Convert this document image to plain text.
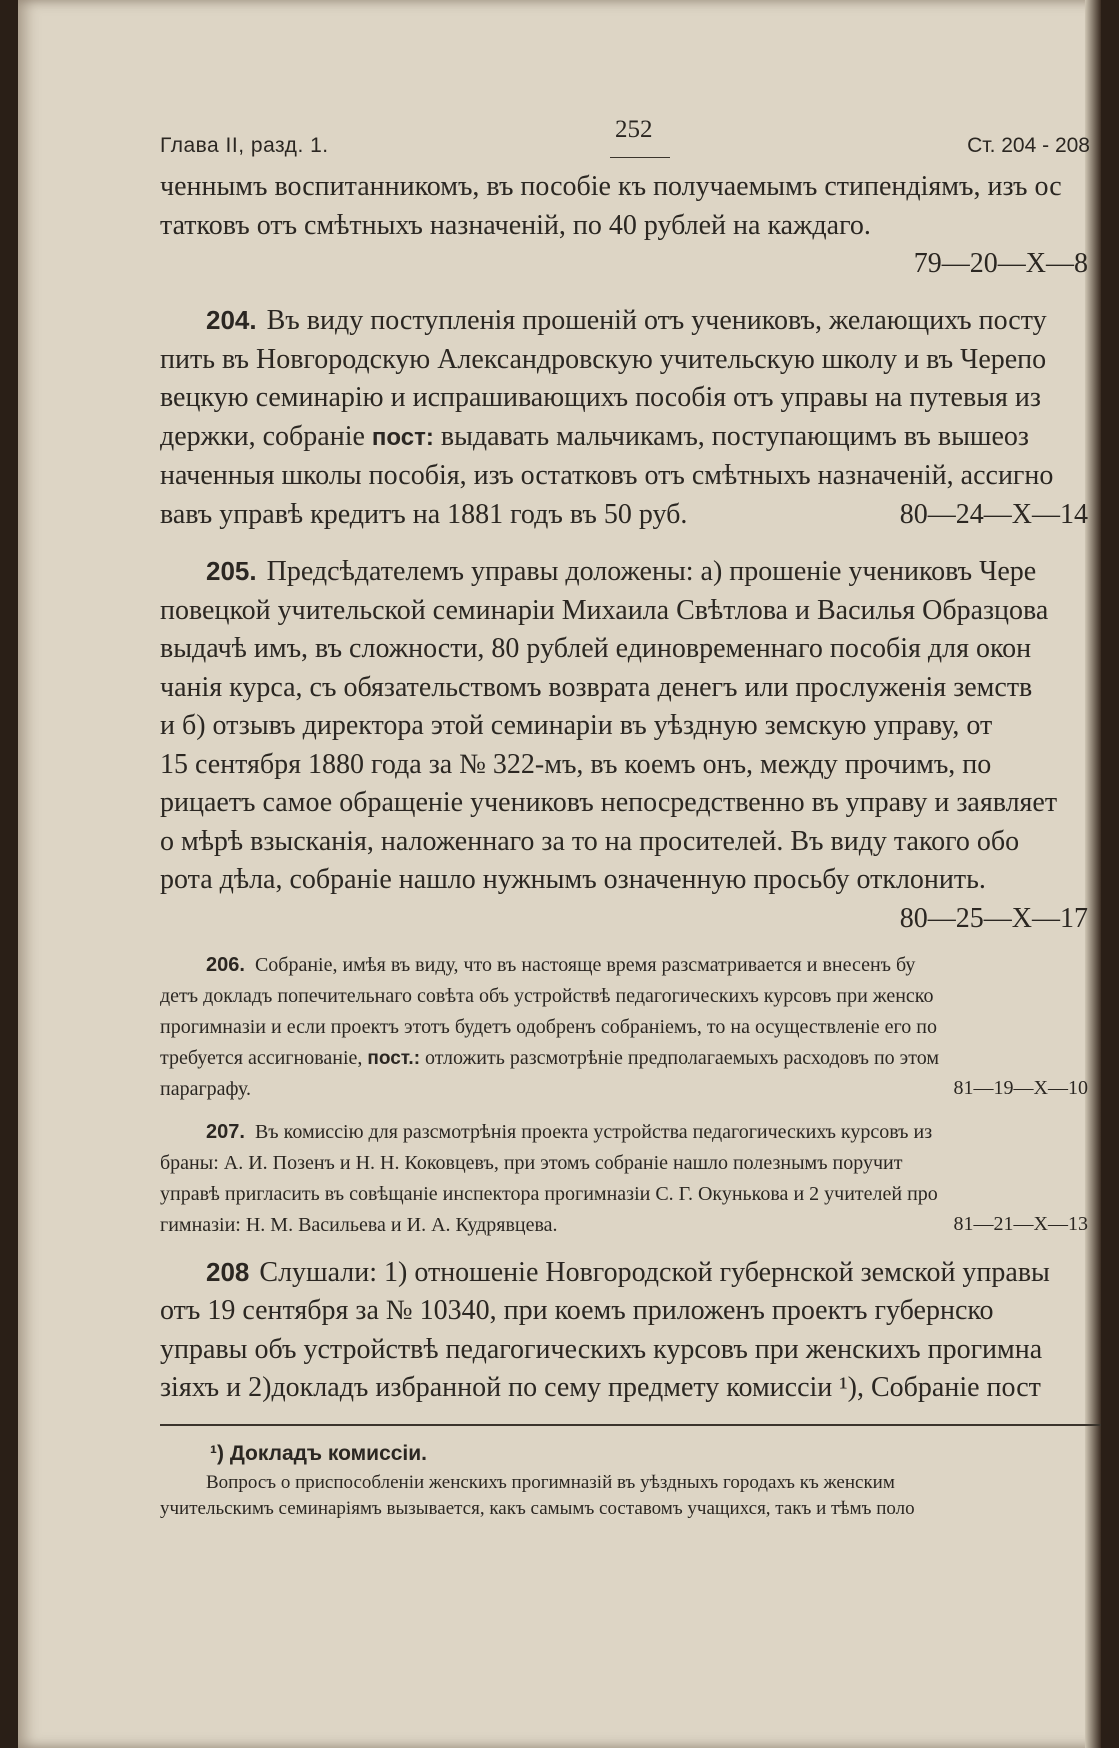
Глава II, разд. 1.
252
Ст. 204 - 208
ченнымъ воспитанникомъ, въ пособіе къ получаемымъ стипендіямъ, изъ ос
татковъ отъ смѣтныхъ назначеній, по 40 рублей на каждаго.
79—20—X—8
204. Въ виду поступленія прошеній отъ учениковъ, желающихъ посту
пить въ Новгородскую Александровскую учительскую школу и въ Черепо
вецкую семинарію и испрашивающихъ пособія отъ управы на путевыя из
держки, собраніе пост: выдавать мальчикамъ, поступающимъ въ вышеоз
наченныя школы пособія, изъ остатковъ отъ смѣтныхъ назначеній, ассигно
вавъ управѣ кредитъ на 1881 годъ въ 50 руб.	80—24—X—14
205. Предсѣдателемъ управы доложены: а) прошеніе учениковъ Чере
повецкой учительской семинаріи Михаила Свѣтлова и Василья Образцова
выдачѣ имъ, въ сложности, 80 рублей единовременнаго пособія для окон
чанія курса, съ обязательствомъ возврата денегъ или прослуженія земств
и б) отзывъ директора этой семинаріи въ уѣздную земскую управу, от
15 сентября 1880 года за № 322-мъ, въ коемъ онъ, между прочимъ, по
рицаетъ самое обращеніе учениковъ непосредственно въ управу и заявляет
о мѣрѣ взысканія, наложеннаго за то на просителей. Въ виду такого обо
рота дѣла, собраніе нашло нужнымъ означенную просьбу отклонить.
80—25—X—17
206. Собраніе, имѣя въ виду, что въ настояще время разсматривается и внесенъ бу
детъ докладъ попечительнаго совѣта объ устройствѣ педагогическихъ курсовъ при женско
прогимназіи и если проектъ этотъ будетъ одобренъ собраніемъ, то на осуществленіе его по
требуется ассигнованіе, пост.: отложить разсмотрѣніе предполагаемыхъ расходовъ по этом
параграфу.	81—19—X—10
207. Въ комиссію для разсмотрѣнія проекта устройства педагогическихъ курсовъ из
браны: А. И. Позенъ и Н. Н. Коковцевъ, при этомъ собраніе нашло полезнымъ поручит
управѣ пригласить въ совѣщаніе инспектора прогимназіи С. Г. Окунькова и 2 учителей про
гимназіи: Н. М. Васильева и И. А. Кудрявцева.	81—21—X—13
208 Слушали: 1) отношеніе Новгородской губернской земской управы
отъ 19 сентября за № 10340, при коемъ приложенъ проектъ губернско
управы объ устройствѣ педагогическихъ курсовъ при женскихъ прогимна
зіяхъ и 2)докладъ избранной по сему предмету комиссіи ¹), Собраніе пост
¹) Докладъ комиссіи.
Вопросъ о приспособленіи женскихъ прогимназій въ уѣздныхъ городахъ къ женским
учительскимъ семинаріямъ вызывается, какъ самымъ составомъ учащихся, такъ и тѣмъ поло
